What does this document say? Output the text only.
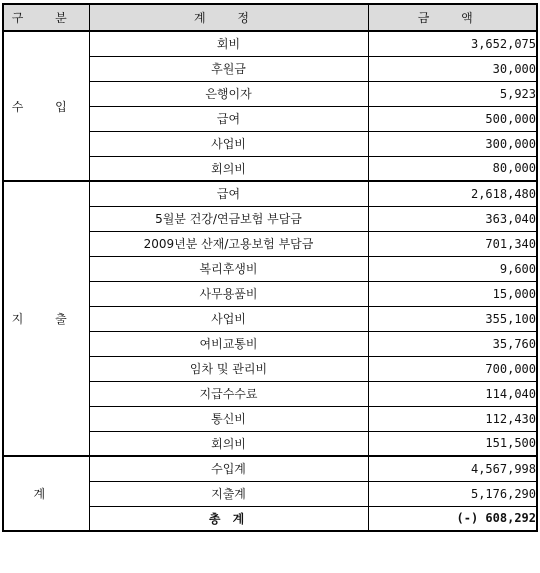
구 분	계 정	금 액
수 입	회비	3,652,075
	후원금	30,000
	은행이자	5,923
	급여	500,000
	사업비	300,000
	회의비	80,000
지 출	급여	2,618,480
	5월분 건강/연금보험 부담금	363,040
	2009년분 산재/고용보험 부담금	701,340
	복리후생비	9,600
	사무용품비	15,000
	사업비	355,100
	여비교통비	35,760
	임차 및 관리비	700,000
	지급수수료	114,040
	통신비	112,430
	회의비	151,500
계	수입계	4,567,998
	지출계	5,176,290
	총 계	(-) 608,292
